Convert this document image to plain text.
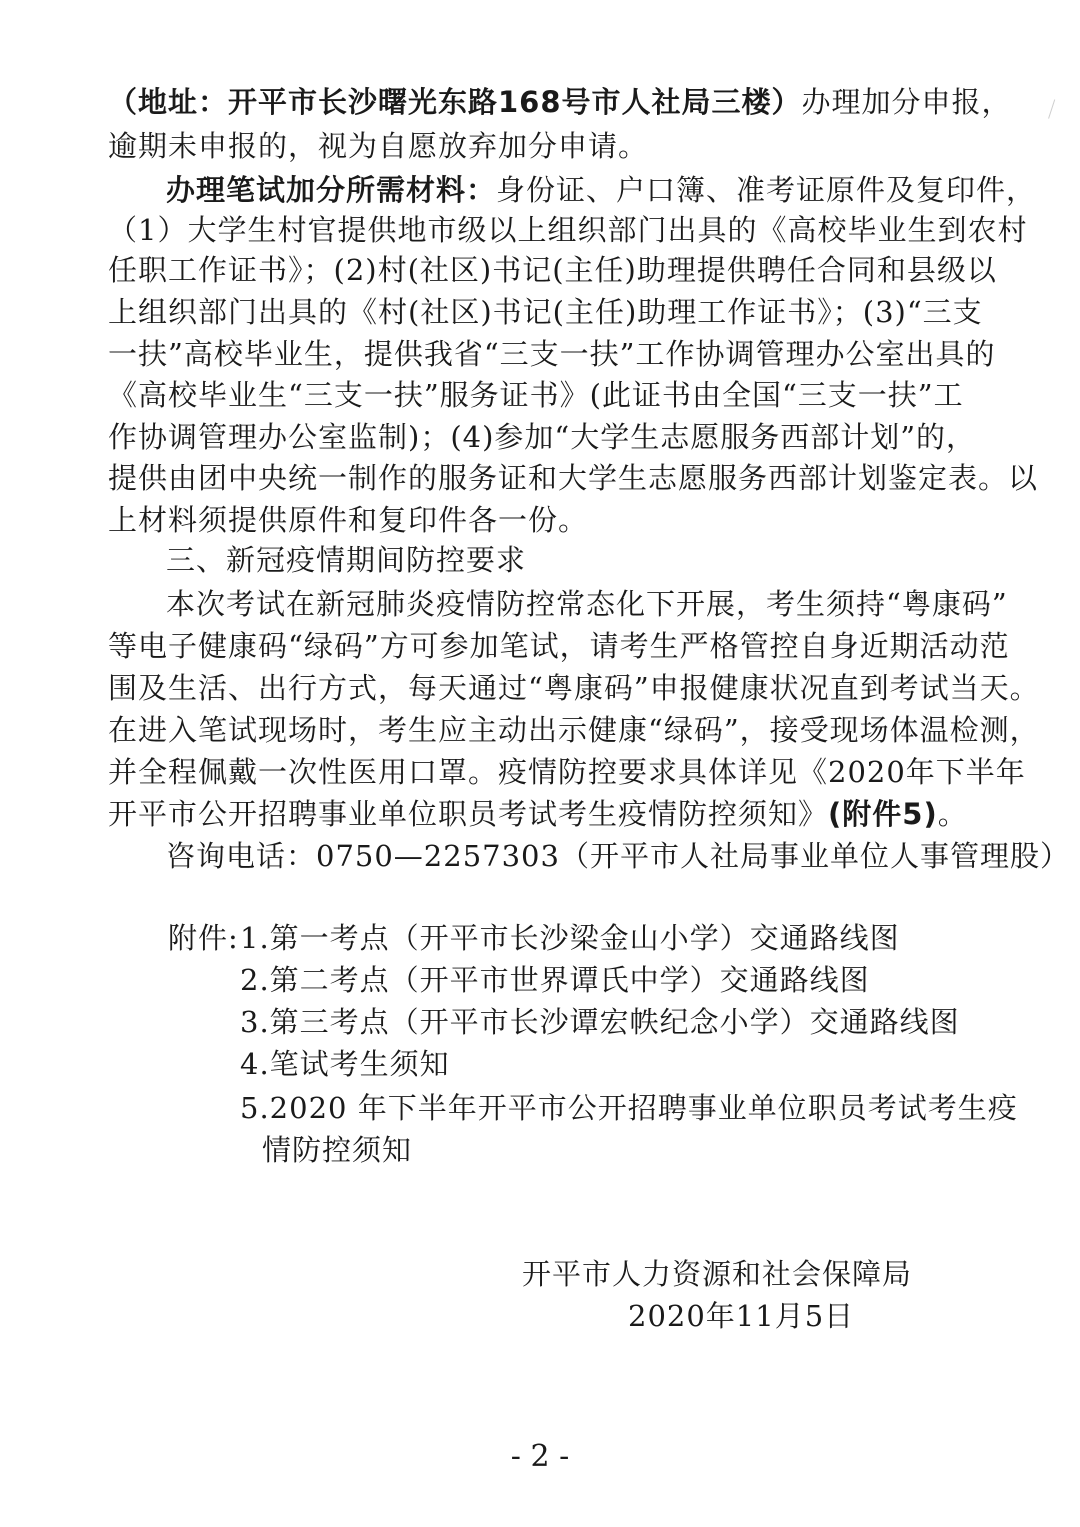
（地址：开平市长沙曙光东路168号市人社局三楼）办理加分申报，
逾期未申报的，视为自愿放弃加分申请。
办理笔试加分所需材料：身份证、户口簿、准考证原件及复印件，
（1）大学生村官提供地市级以上组织部门出具的《高校毕业生到农村
任职工作证书》；(2)村(社区)书记(主任)助理提供聘任合同和县级以
上组织部门出具的《村(社区)书记(主任)助理工作证书》；(3)“三支
一扶”高校毕业生，提供我省“三支一扶”工作协调管理办公室出具的
《高校毕业生“三支一扶”服务证书》(此证书由全国“三支一扶”工
作协调管理办公室监制)；(4)参加“大学生志愿服务西部计划”的，
提供由团中央统一制作的服务证和大学生志愿服务西部计划鉴定表。以
上材料须提供原件和复印件各一份。
三、新冠疫情期间防控要求
本次考试在新冠肺炎疫情防控常态化下开展，考生须持“粤康码”
等电子健康码“绿码”方可参加笔试，请考生严格管控自身近期活动范
围及生活、出行方式，每天通过“粤康码”申报健康状况直到考试当天。
在进入笔试现场时，考生应主动出示健康“绿码”，接受现场体温检测，
并全程佩戴一次性医用口罩。疫情防控要求具体详见《2020年下半年
开平市公开招聘事业单位职员考试考生疫情防控须知》(附件5)。
咨询电话：0750—2257303（开平市人社局事业单位人事管理股）
附件: 1.第一考点（开平市长沙梁金山小学）交通路线图
2.第二考点（开平市世界谭氏中学）交通路线图
3.第三考点（开平市长沙谭宏帙纪念小学）交通路线图
4.笔试考生须知
5.2020 年下半年开平市公开招聘事业单位职员考试考生疫
情防控须知
开平市人力资源和社会保障局
2020年11月5日
- 2 -
